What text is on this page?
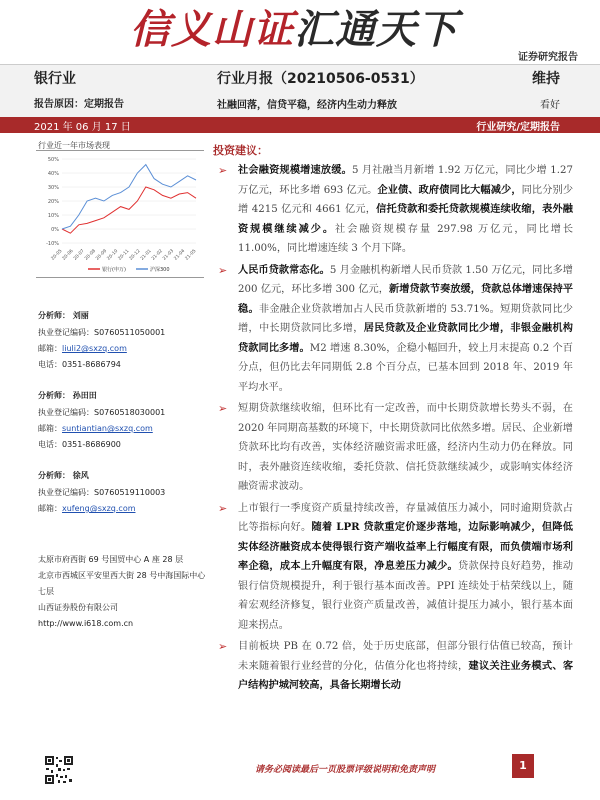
信义山证汇通天下
证券研究报告
银行业	行业月报（20210506-0531）	维持
报告原因：定期报告	社融回落，信贷平稳，经济内生动力释放	看好
2021 年 06 月 17 日	行业研究/定期报告
行业近一年市场表现
50%
40%
30%
20%
10%
0%
-10%
20-05
20-06
20-07
20-08
20-09
20-10
20-11
20-12
21-01
21-02
21-03
21-04
21-05
银行(申万)	沪深300
分析师： 刘丽
执业登记编码：S0760511050001
邮箱：liuli2@sxzq.com
电话：0351-8686794
分析师： 孙田田
执业登记编码：S0760518030001
邮箱：suntiantian@sxzq.com
电话：0351-8686900
分析师： 徐风
执业登记编码：S0760519110003
邮箱：xufeng@sxzq.com
太原市府西街 69 号国贸中心 A 座 28 层
北京市西城区平安里西大街 28 号中海国际中心七层
山西证券股份有限公司
http://www.i618.com.cn
投资建议：
➢ 社会融资规模增速放缓。5 月社融当月新增 1.92 万亿元，同比少增 1.27 万亿元，环比多增 693 亿元。企业债、政府债同比大幅减少，同比分别少增 4215 亿元和 4661 亿元，信托贷款和委托贷款规模连续收缩，表外融资规模继续减少。社会融资规模存量 297.98 万亿元，同比增长 11.00%，同比增速连续 3 个月下降。
➢ 人民币贷款常态化。5 月金融机构新增人民币贷款 1.50 万亿元，同比多增 200 亿元，环比多增 300 亿元，新增贷款节奏放缓，贷款总体增速保持平稳。非金融企业贷款增加占人民币贷款新增的 53.71%。短期贷款同比少增，中长期贷款同比多增，居民贷款及企业贷款同比少增，非银金融机构贷款同比多增。M2 增速 8.30%，企稳小幅回升，较上月末提高 0.2 个百分点，但仍比去年同期低 2.8 个百分点，已基本回到 2018 年、2019 年平均水平。
➢ 短期贷款继续收缩，但环比有一定改善，而中长期贷款增长势头不弱，在 2020 年同期高基数的环境下，中长期贷款同比依然多增。居民、企业新增贷款环比均有改善，实体经济融资需求旺盛，经济内生动力仍在释放。同时，表外融资连续收缩，委托贷款、信托贷款继续减少，或影响实体经济融资需求波动。
➢ 上市银行一季度资产质量持续改善，存量减值压力减小，同时逾期贷款占比等指标向好。随着 LPR 贷款重定价逐步落地，边际影响减少，但降低实体经济融资成本使得银行资产端收益率上行幅度有限，而负债端市场利率企稳，成本上升幅度有限，净息差压力减少。贷款保持良好趋势，推动银行信贷规模提升，利于银行基本面改善。PPI 连续处于枯荣线以上，随着宏观经济修复，银行业资产质量改善，减值计提压力减小，银行基本面迎来拐点。
➢ 目前板块 PB 在 0.72 倍，处于历史底部，但部分银行估值已较高，预计未来随着银行业经营的分化，估值分化也将持续，建议关注业务模式、客户结构护城河较高，具备长期增长动
请务必阅读最后一页股票评级说明和免责声明	1
